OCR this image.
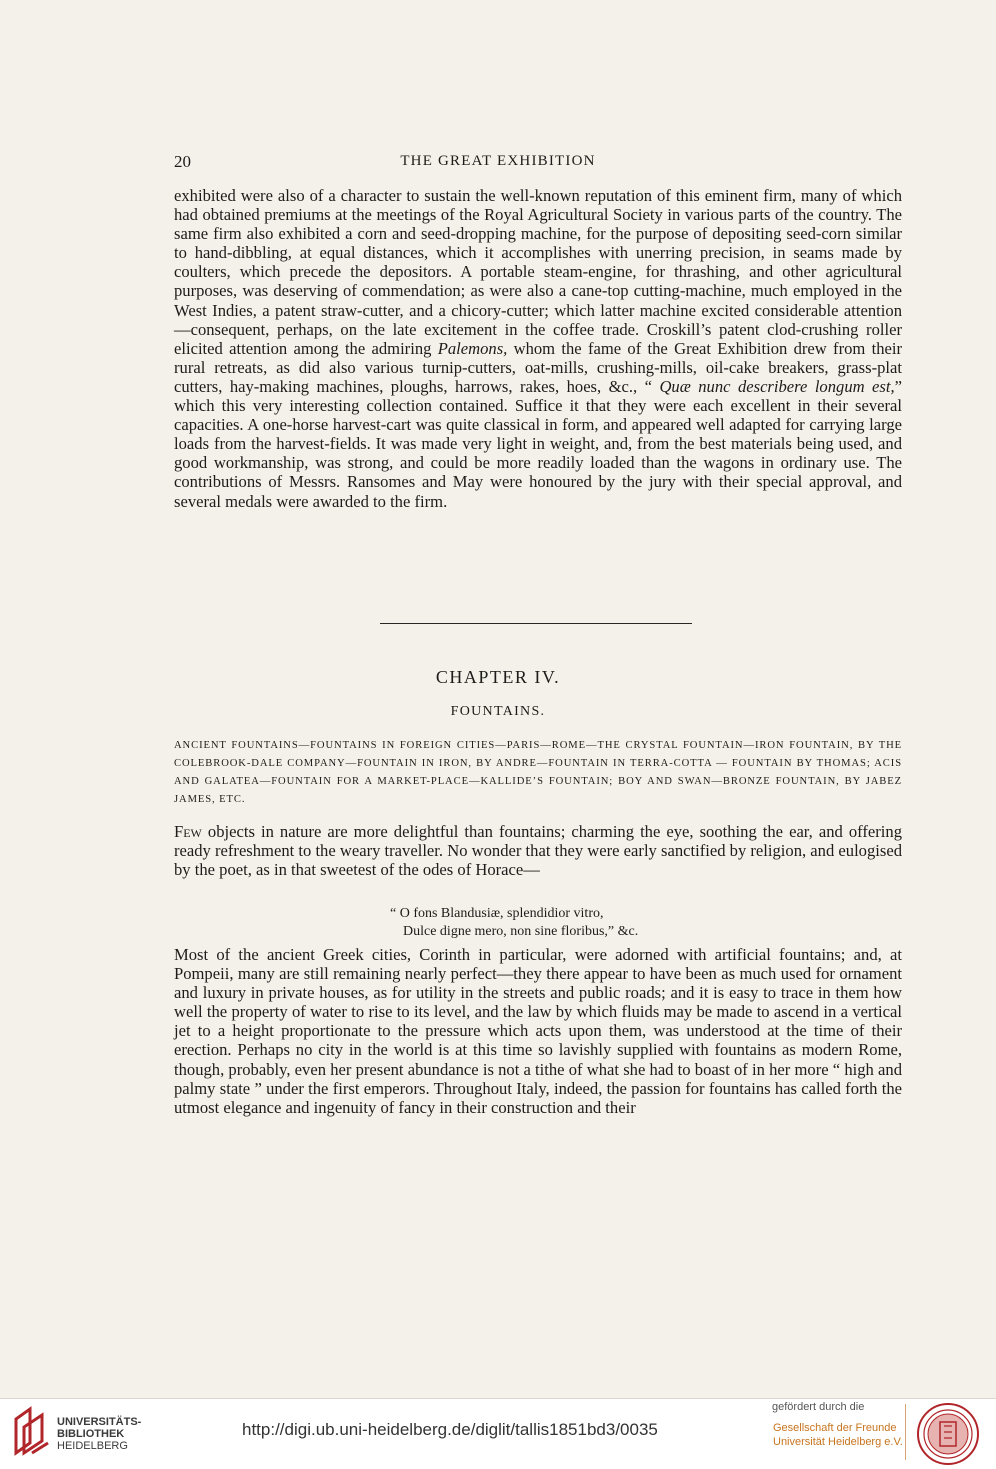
20	THE GREAT EXHIBITION
exhibited were also of a character to sustain the well-known reputation of this eminent firm, many of which had obtained premiums at the meetings of the Royal Agricultural Society in various parts of the country. The same firm also exhibited a corn and seed-dropping machine, for the purpose of depositing seed-corn similar to hand-dibbling, at equal distances, which it accomplishes with unerring precision, in seams made by coulters, which precede the depositors. A portable steam-engine, for thrashing, and other agricultural purposes, was deserving of commendation; as were also a cane-top cutting-machine, much employed in the West Indies, a patent straw-cutter, and a chicory-cutter; which latter machine excited considerable attention—consequent, perhaps, on the late excitement in the coffee trade. Croskill’s patent clod-crushing roller elicited attention among the admiring Palemons, whom the fame of the Great Exhibition drew from their rural retreats, as did also various turnip-cutters, oat-mills, crushing-mills, oil-cake breakers, grass-plat cutters, hay-making machines, ploughs, harrows, rakes, hoes, &c., “ Quæ nunc describere longum est,” which this very interesting collection contained. Suffice it that they were each excellent in their several capacities. A one-horse harvest-cart was quite classical in form, and appeared well adapted for carrying large loads from the harvest-fields. It was made very light in weight, and, from the best materials being used, and good workmanship, was strong, and could be more readily loaded than the wagons in ordinary use. The contributions of Messrs. Ransomes and May were honoured by the jury with their special approval, and several medals were awarded to the firm.
CHAPTER IV.
FOUNTAINS.
ANCIENT FOUNTAINS—FOUNTAINS IN FOREIGN CITIES—PARIS—ROME—THE CRYSTAL FOUNTAIN—IRON FOUNTAIN, BY THE COLEBROOK-DALE COMPANY—FOUNTAIN IN IRON, BY ANDRE—FOUNTAIN IN TERRA-COTTA — FOUNTAIN BY THOMAS; ACIS AND GALATEA—FOUNTAIN FOR A MARKET-PLACE—KALLIDE’S FOUNTAIN; BOY AND SWAN—BRONZE FOUNTAIN, BY JABEZ JAMES, ETC.
Few objects in nature are more delightful than fountains; charming the eye, soothing the ear, and offering ready refreshment to the weary traveller. No wonder that they were early sanctified by religion, and eulogised by the poet, as in that sweetest of the odes of Horace—
“ O fons Blandusiæ, splendidior vitro,
Dulce digne mero, non sine floribus,” &c.
Most of the ancient Greek cities, Corinth in particular, were adorned with artificial fountains; and, at Pompeii, many are still remaining nearly perfect—they there appear to have been as much used for ornament and luxury in private houses, as for utility in the streets and public roads; and it is easy to trace in them how well the property of water to rise to its level, and the law by which fluids may be made to ascend in a vertical jet to a height proportionate to the pressure which acts upon them, was understood at the time of their erection. Perhaps no city in the world is at this time so lavishly supplied with fountains as modern Rome, though, probably, even her present abundance is not a tithe of what she had to boast of in her more “ high and palmy state ” under the first emperors. Throughout Italy, indeed, the passion for fountains has called forth the utmost elegance and ingenuity of fancy in their construction and their
UNIVERSITÄTS-
BIBLIOTHEK
HEIDELBERG
http://digi.ub.uni-heidelberg.de/diglit/tallis1851bd3/0035
gefördert durch die
Gesellschaft der Freunde
Universität Heidelberg e.V.
